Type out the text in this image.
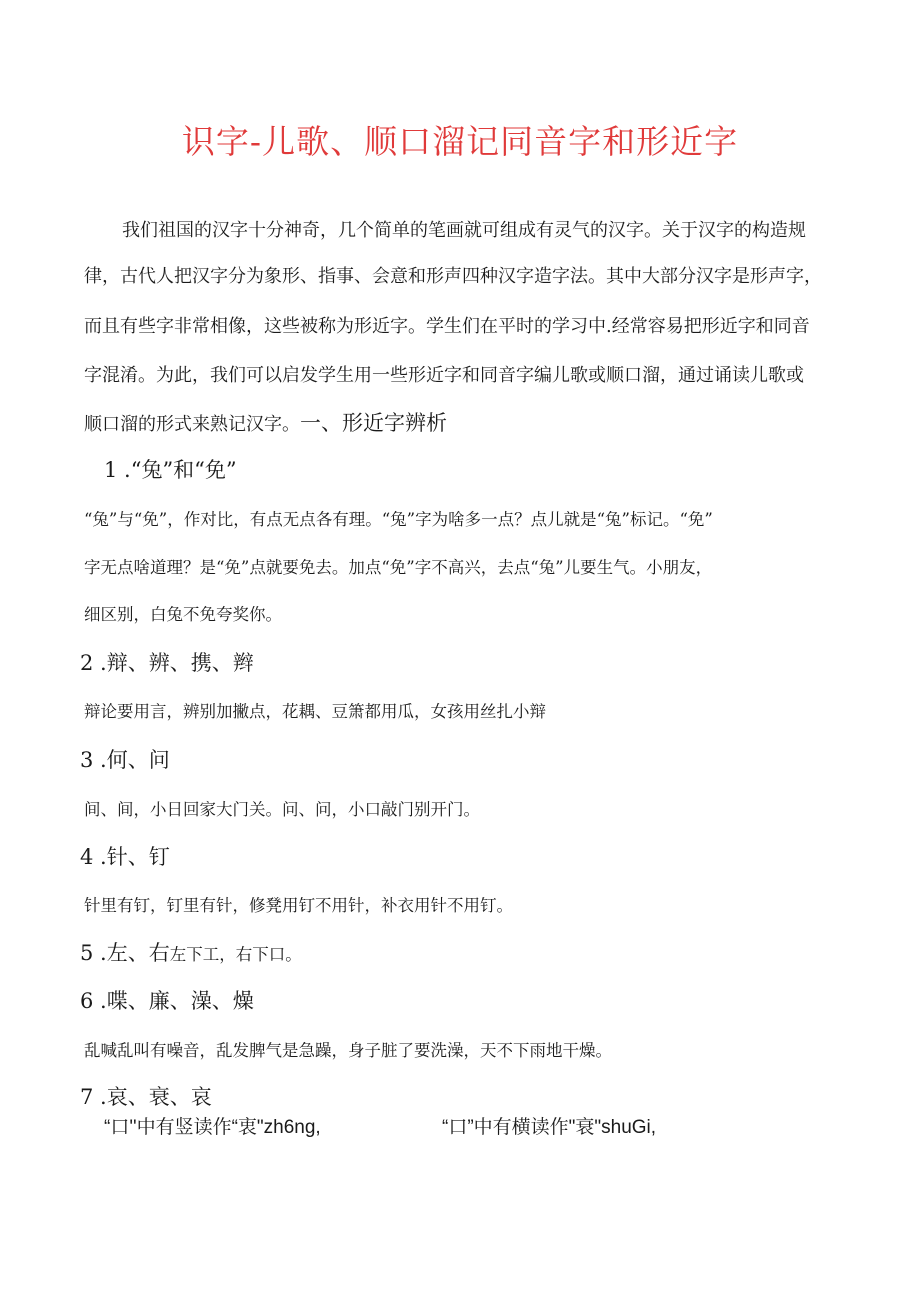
识字-儿歌、顺口溜记同音字和形近字
我们祖国的汉字十分神奇，几个简单的笔画就可组成有灵气的汉字。关于汉字的构造规
律，古代人把汉字分为象形、指事、会意和形声四种汉字造字法。其中大部分汉字是形声字，
而且有些字非常相像，这些被称为形近字。学生们在平时的学习中.经常容易把形近字和同音
字混淆。为此，我们可以启发学生用一些形近字和同音字编儿歌或顺口溜，通过诵读儿歌或
顺口溜的形式来熟记汉字。一、形近字辨析
1 .“兔”和“免”
“兔”与“免”，作对比，有点无点各有理。“兔”字为啥多一点？点儿就是“兔”标记。“免”
字无点啥道理？是“免”点就要免去。加点“免”字不高兴，去点“兔”儿要生气。小朋友，
细区别，白兔不免夸奖你。
2 .辩、辨、携、辫
辩论要用言，辨别加撇点，花耦、豆箫都用瓜，女孩用丝扎小辩
3 .何、问
间、间，小日回家大门关。问、问，小口敲门别开门。
4 .针、钉
针里有钉，钉里有针，修凳用钉不用针，补衣用针不用钉。
5 .左、右左下工，右下口。
6 .喋、廉、澡、燥
乱喊乱叫有噪音，乱发脾气是急躁，身子脏了要洗澡，天不下雨地干燥。
7 .哀、衰、哀
“口''中有竖读作“衷"zh6ng,	“口”中有横读作"衰"shuGi,
